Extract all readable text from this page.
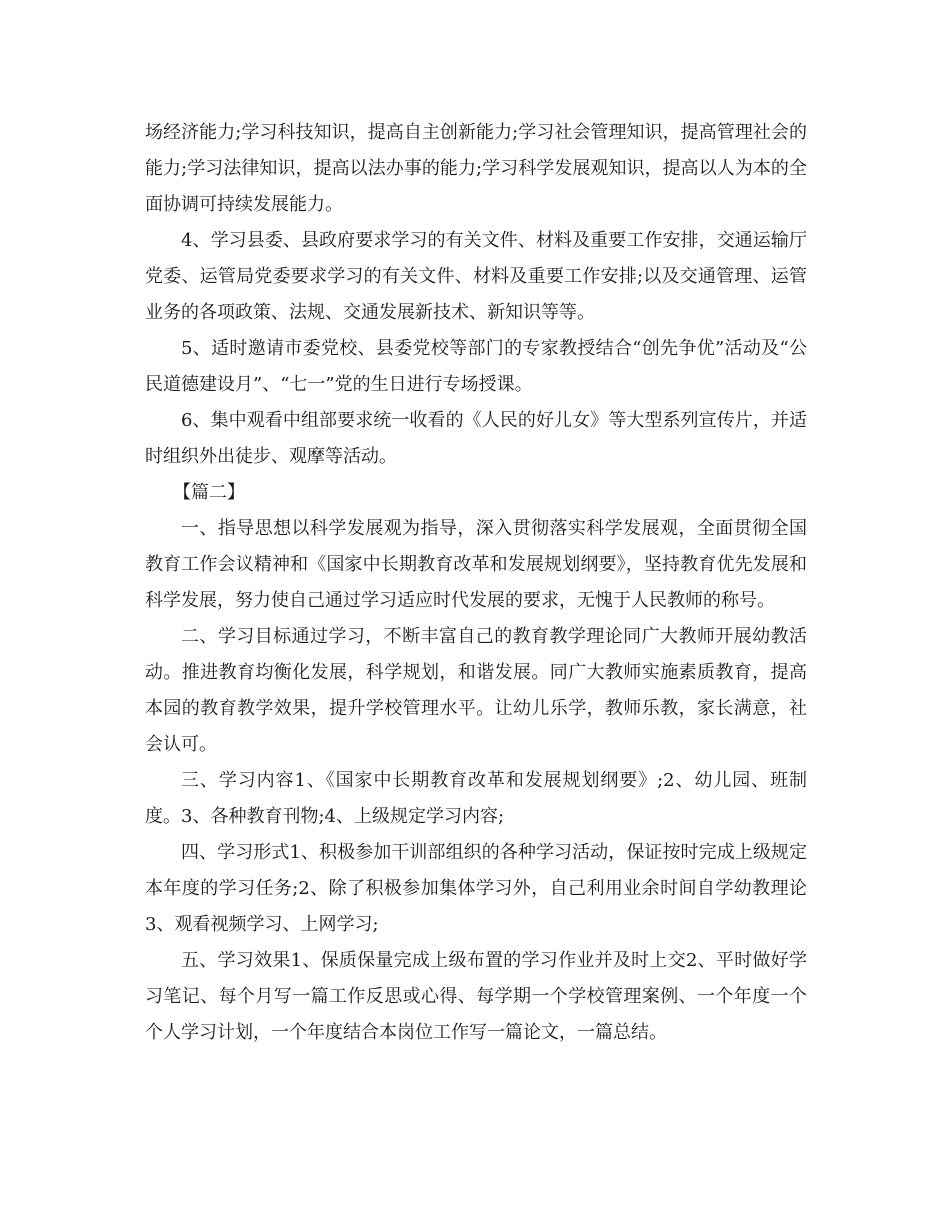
场经济能力;学习科技知识，提高自主创新能力;学习社会管理知识，提高管理社会的能力;学习法律知识，提高以法办事的能力;学习科学发展观知识，提高以人为本的全面协调可持续发展能力。

4、学习县委、县政府要求学习的有关文件、材料及重要工作安排，交通运输厅党委、运管局党委要求学习的有关文件、材料及重要工作安排;以及交通管理、运管业务的各项政策、法规、交通发展新技术、新知识等等。

5、适时邀请市委党校、县委党校等部门的专家教授结合“创先争优”活动及“公民道德建设月”、“七一”党的生日进行专场授课。

6、集中观看中组部要求统一收看的《人民的好儿女》等大型系列宣传片，并适时组织外出徒步、观摩等活动。

【篇二】

一、指导思想以科学发展观为指导，深入贯彻落实科学发展观，全面贯彻全国教育工作会议精神和《国家中长期教育改革和发展规划纲要》，坚持教育优先发展和科学发展，努力使自己通过学习适应时代发展的要求，无愧于人民教师的称号。

二、学习目标通过学习，不断丰富自己的教育教学理论同广大教师开展幼教活动。推进教育均衡化发展，科学规划，和谐发展。同广大教师实施素质教育，提高本园的教育教学效果，提升学校管理水平。让幼儿乐学，教师乐教，家长满意，社会认可。

三、学习内容1、《国家中长期教育改革和发展规划纲要》;2、幼儿园、班制度。3、各种教育刊物;4、上级规定学习内容;

四、学习形式1、积极参加干训部组织的各种学习活动，保证按时完成上级规定本年度的学习任务;2、除了积极参加集体学习外，自己利用业余时间自学幼教理论3、观看视频学习、上网学习;

五、学习效果1、保质保量完成上级布置的学习作业并及时上交2、平时做好学习笔记、每个月写一篇工作反思或心得、每学期一个学校管理案例、一个年度一个个人学习计划，一个年度结合本岗位工作写一篇论文，一篇总结。
